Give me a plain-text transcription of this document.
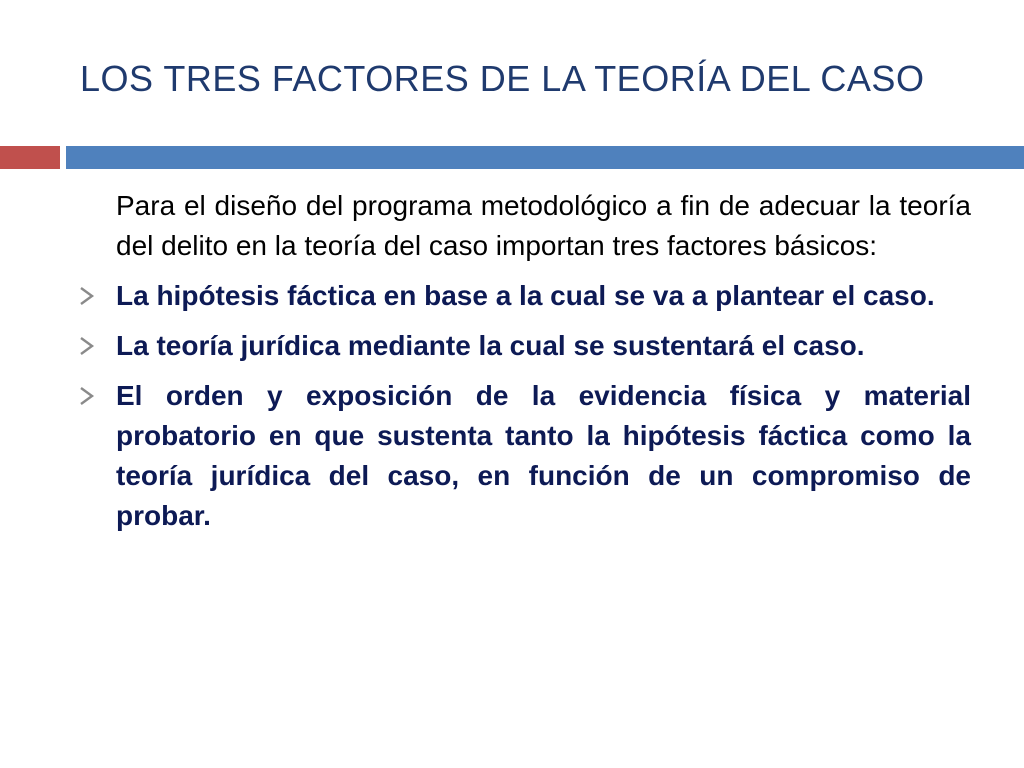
LOS TRES FACTORES DE LA TEORÍA DEL CASO

Para el diseño del programa metodológico a fin de adecuar la teoría del delito en la teoría del caso importan tres factores básicos:

La hipótesis fáctica en base a la cual se va a plantear el caso.
La teoría jurídica mediante la cual se sustentará el caso.
El orden y exposición de la evidencia física y material probatorio en que sustenta tanto la hipótesis fáctica como la teoría jurídica del caso, en función de un compromiso de probar.
